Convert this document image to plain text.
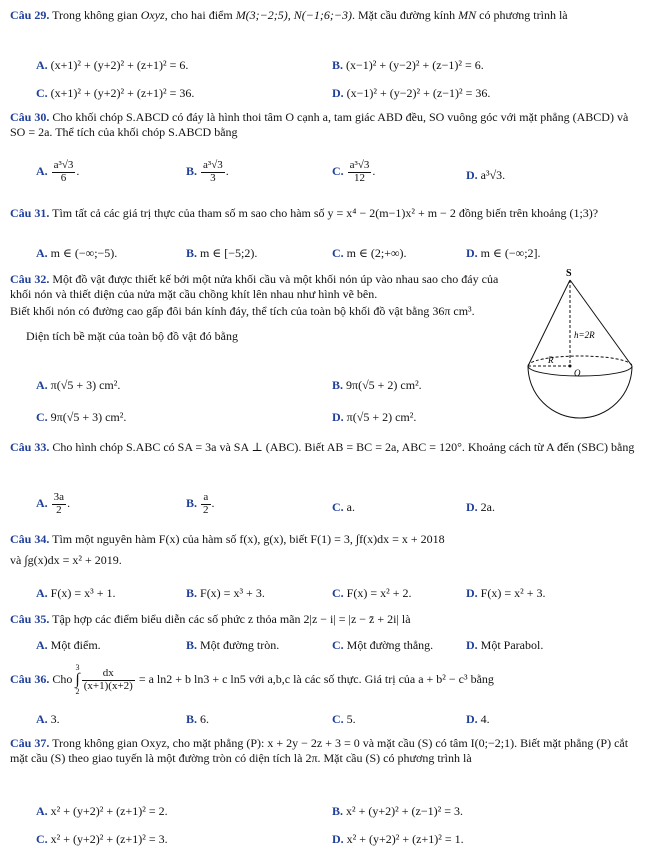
Câu 29. Trong không gian Oxyz, cho hai điểm M(3;−2;5), N(−1;6;−3). Mặt cầu đường kính MN có phương trình là

A. (x+1)² + (y+2)² + (z+1)² = 6.	B. (x−1)² + (y−2)² + (z−1)² = 6.
C. (x+1)² + (y+2)² + (z+1)² = 36.	D. (x−1)² + (y−2)² + (z−1)² = 36.

Câu 30. Cho khối chóp S.ABCD có đáy là hình thoi tâm O cạnh a, tam giác ABD đều, SO vuông góc với mặt phẳng (ABCD) và SO = 2a. Thể tích của khối chóp S.ABCD bằng

A. $\frac{\text{a³√3}}{6}$ .	B. $\frac{\text{a³√3}}{3}$ .	C. $\frac{\text{a³√3}}{12}$ .	D. a³√3.

Câu 31. Tìm tất cả các giá trị thực của tham số m sao cho hàm số y = x⁴ − 2(m−1)x² + m − 2 đồng biến trên khoảng (1;3)?

A. m ∈ (−∞;−5).	B. m ∈ [−5;2).	C. m ∈ (2;+∞).	D. m ∈ (−∞;2].

Câu 32. Một đồ vật được thiết kế bởi một nửa khối cầu và một khối nón úp vào nhau sao cho đáy của khối nón và thiết diện của nửa mặt cầu chồng khít lên nhau như hình vẽ bên.

Biết khối nón có đường cao gấp đôi bán kính đáy, thể tích của toàn bộ khối đồ vật bằng 36π cm³.

Diện tích bề mặt của toàn bộ đồ vật đó bằng

A. π(√5 + 3) cm².	B. 9π(√5 + 2) cm².
C. 9π(√5 + 3) cm².	D. π(√5 + 2) cm².
S
h=2R
R
O

Câu 33. Cho hình chóp S.ABC có SA = 3a và SA ⊥ (ABC). Biết AB = BC = 2a, ABC = 120°. Khoảng cách từ A đến (SBC) bằng

A. $\frac{3a}{2}$ .	B. $\frac{a}{2}$ .	C. a.	D. 2a.

Câu 34. Tìm một nguyên hàm F(x) của hàm số f(x), g(x), biết F(1) = 3, ∫f(x)dx = x + 2018

và ∫g(x)dx = x² + 2019.

A. F(x) = x³ + 1.	B. F(x) = x³ + 3.	C. F(x) = x² + 2.	D. F(x) = x² + 3.

Câu 35. Tập hợp các điểm biểu diễn các số phức z thỏa mãn 2|z − i| = |z − z̄ + 2i| là

A. Một điểm.	B. Một đường tròn.	C. Một đường thẳng.	D. Một Parabol.

Câu 36. Cho
3
∫
$2 \frac{dx}{(x+1)(x+2)} = a$ ln2 + b ln3 + c ln5 với a,b,c là các số thực. Giá trị của a + b² − c³ bằng

A. 3.	B. 6.	C. 5.	D. 4.

Câu 37. Trong không gian Oxyz, cho mặt phẳng (P): x + 2y − 2z + 3 = 0 và mặt cầu (S) có tâm I(0;−2;1). Biết mặt phẳng (P) cắt mặt cầu (S) theo giao tuyến là một đường tròn có diện tích là 2π. Mặt cầu (S) có phương trình là

A. x² + (y+2)² + (z+1)² = 2.	B. x² + (y+2)² + (z−1)² = 3.
C. x² + (y+2)² + (z+1)² = 3.	D. x² + (y+2)² + (z+1)² = 1.
